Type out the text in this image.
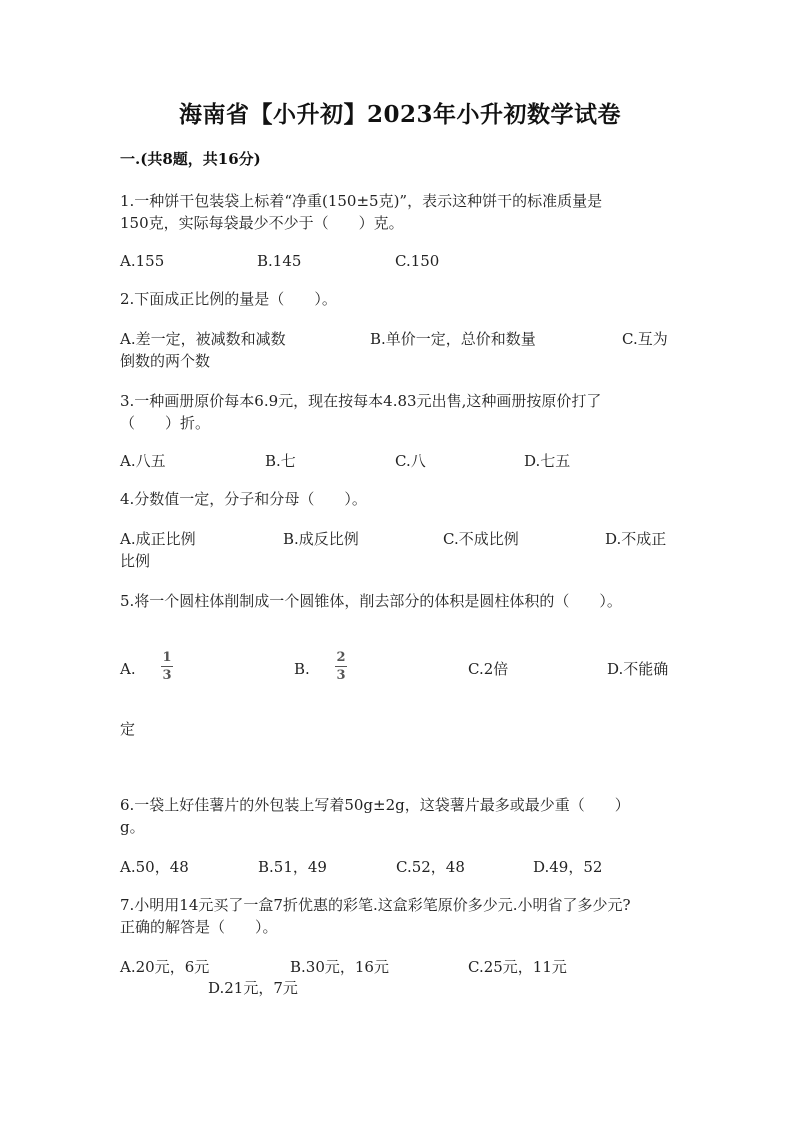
海南省【小升初】2023年小升初数学试卷
一.(共8题，共16分)
1.一种饼干包装袋上标着“净重(150±5克)”，表示这种饼干的标准质量是
150克，实际每袋最少不少于（　　）克。
A.155	B.145	C.150
2.下面成正比例的量是（　　）。
A.差一定，被减数和减数	B.单价一定，总价和数量	C.互为
倒数的两个数
3.一种画册原价每本6.9元，现在按每本4.83元出售,这种画册按原价打了
（　　）折。
A.八五	B.七	C.八	D.七五
4.分数值一定，分子和分母（　　）。
A.成正比例	B.成反比例	C.不成比例	D.不成正
比例
5.将一个圆柱体削制成一个圆锥体，削去部分的体积是圆柱体积的（　　）。
A.
1
3	B.
2
3	C.2倍	D.不能确
定
6.一袋上好佳薯片的外包装上写着50g±2g，这袋薯片最多或最少重（　　）
g。
A.50，48	B.51，49	C.52，48	D.49，52
7.小明用14元买了一盒7折优惠的彩笔.这盒彩笔原价多少元.小明省了多少元?
正确的解答是（　　）。
A.20元，6元	B.30元，16元	C.25元，11元
D.21元，7元
